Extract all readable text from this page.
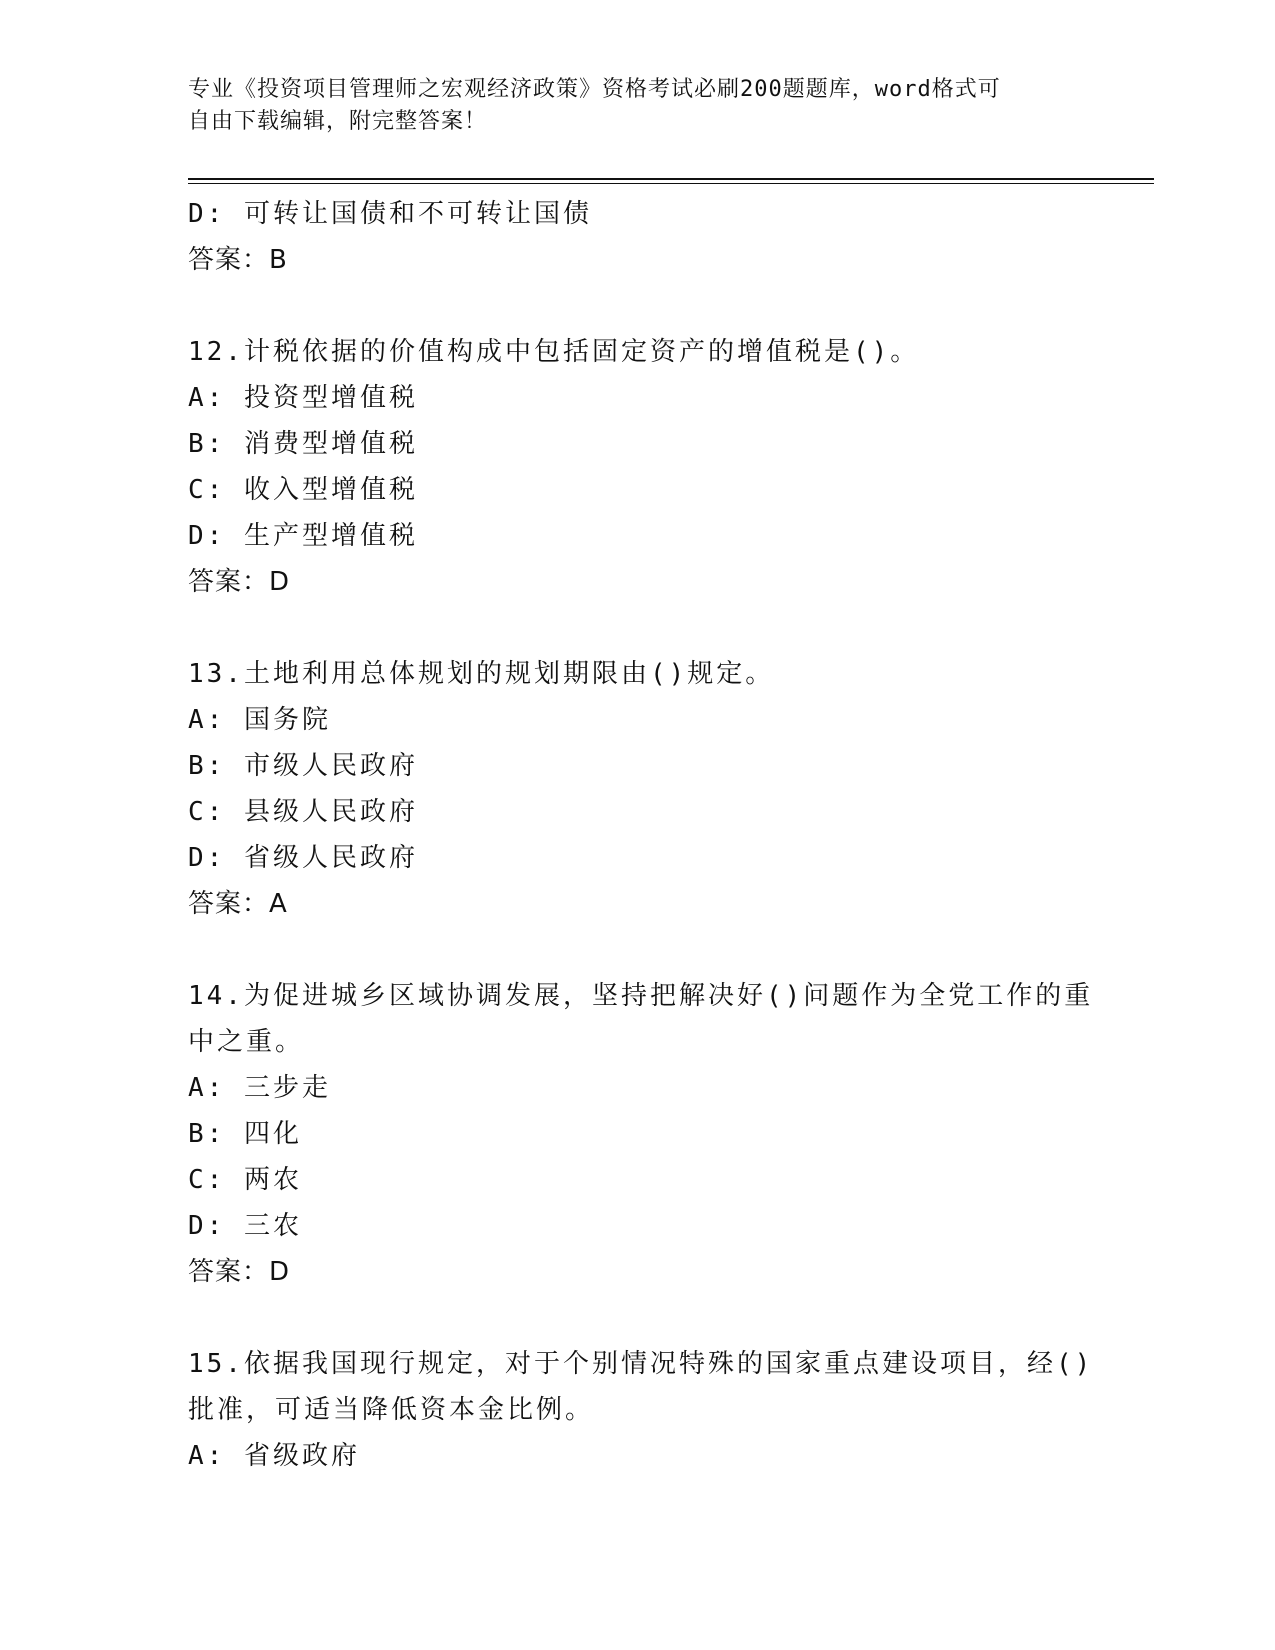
专业《投资项目管理师之宏观经济政策》资格考试必刷200题题库，word格式可
自由下载编辑，附完整答案！
D: 可转让国债和不可转让国债
答案：B
12.计税依据的价值构成中包括固定资产的增值税是()。
A: 投资型增值税
B: 消费型增值税
C: 收入型增值税
D: 生产型增值税
答案：D
13.土地利用总体规划的规划期限由()规定。
A: 国务院
B: 市级人民政府
C: 县级人民政府
D: 省级人民政府
答案：A
14.为促进城乡区域协调发展，坚持把解决好()问题作为全党工作的重
中之重。
A: 三步走
B: 四化
C: 两农
D: 三农
答案：D
15.依据我国现行规定，对于个别情况特殊的国家重点建设项目，经()
批准，可适当降低资本金比例。
A: 省级政府
